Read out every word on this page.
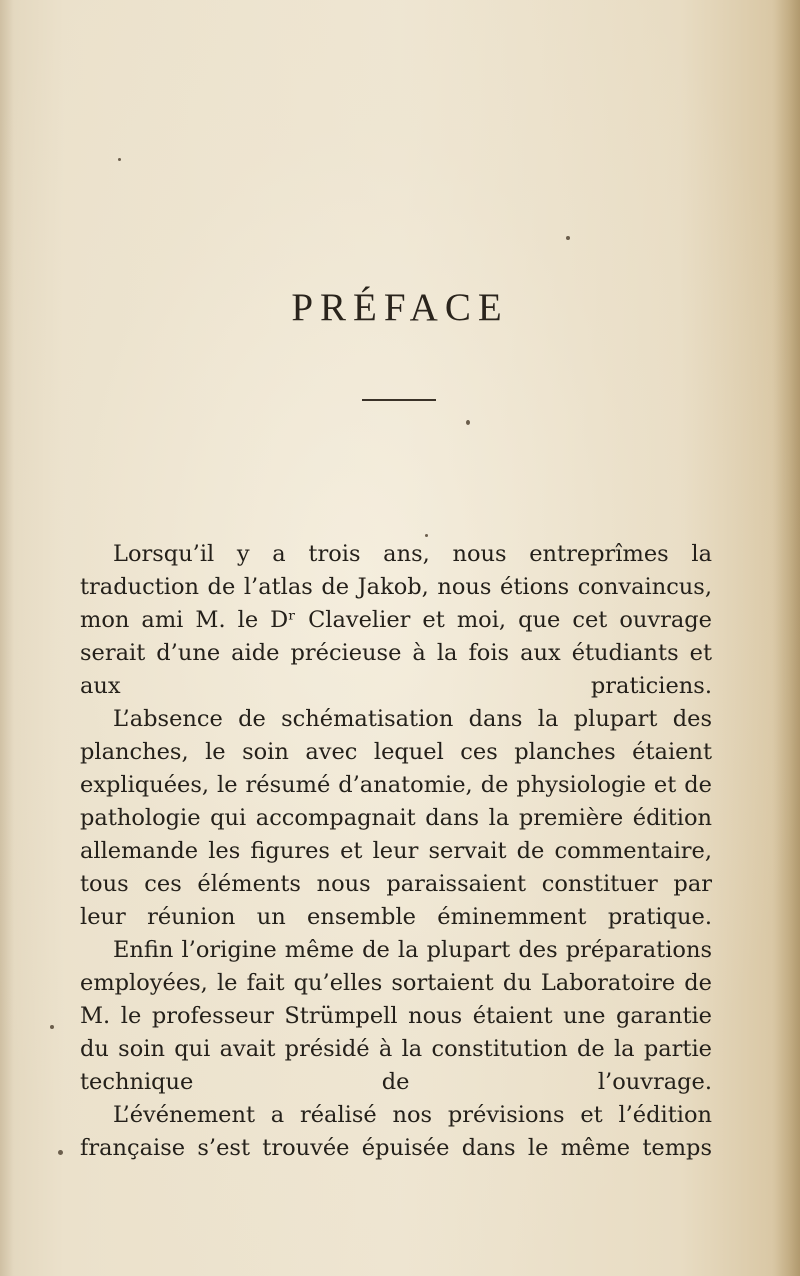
PRÉFACE

Lorsqu’il y a trois ans, nous entreprîmes la traduction de l’atlas de Jakob, nous étions convaincus, mon ami M. le Dʳ Clavelier et moi, que cet ouvrage serait d’une aide précieuse à la fois aux étudiants et aux praticiens.

L’absence de schématisation dans la plupart des planches, le soin avec lequel ces planches étaient expliquées, le résumé d’anatomie, de physiologie et de pathologie qui accompagnait dans la première édition allemande les figures et leur servait de commentaire, tous ces éléments nous paraissaient constituer par leur réunion un ensemble éminemment pratique.

Enfin l’origine même de la plupart des préparations employées, le fait qu’elles sortaient du Laboratoire de M. le professeur Strümpell nous étaient une garantie du soin qui avait présidé à la constitution de la partie technique de l’ouvrage.

L’événement a réalisé nos prévisions et l’édition française s’est trouvée épuisée dans le même temps
